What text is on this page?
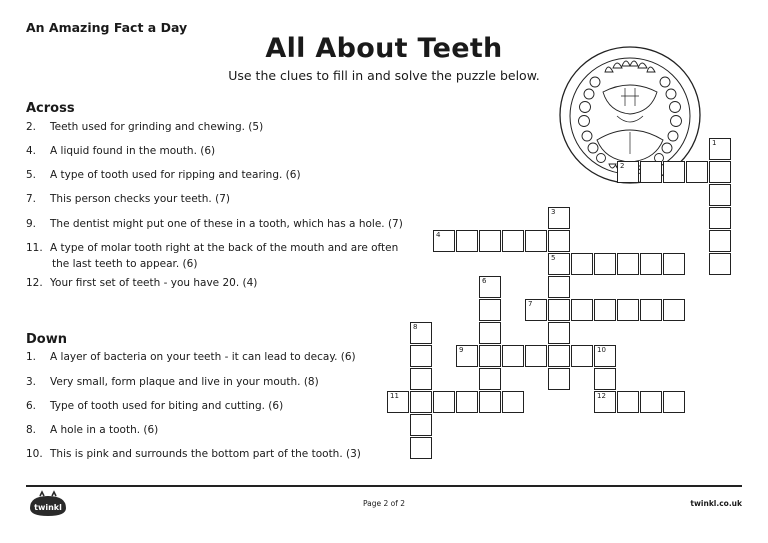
An Amazing Fact a Day
All About Teeth
Use the clues to fill in and solve the puzzle below.
Across
2. Teeth used for grinding and chewing. (5)
4. A liquid found in the mouth. (6)
5. A type of tooth used for ripping and tearing. (6)
7. This person checks your teeth. (7)
9. The dentist might put one of these in a tooth, which has a hole. (7)
11. A type of molar tooth right at the back of the mouth and are often
the last teeth to appear. (6)
12. Your first set of teeth - you have 20. (4)
Down
1. A layer of bacteria on your teeth - it can lead to decay. (6)
3. Very small, form plaque and live in your mouth. (8)
6. Type of tooth used for biting and cutting. (6)
8. A hole in a tooth. (6)
10. This is pink and surrounds the bottom part of the tooth. (3)
1
2
3
5
4
6
7
8
9	10
12
11
twinkl	Page 2 of 2	twinkl.co.uk
